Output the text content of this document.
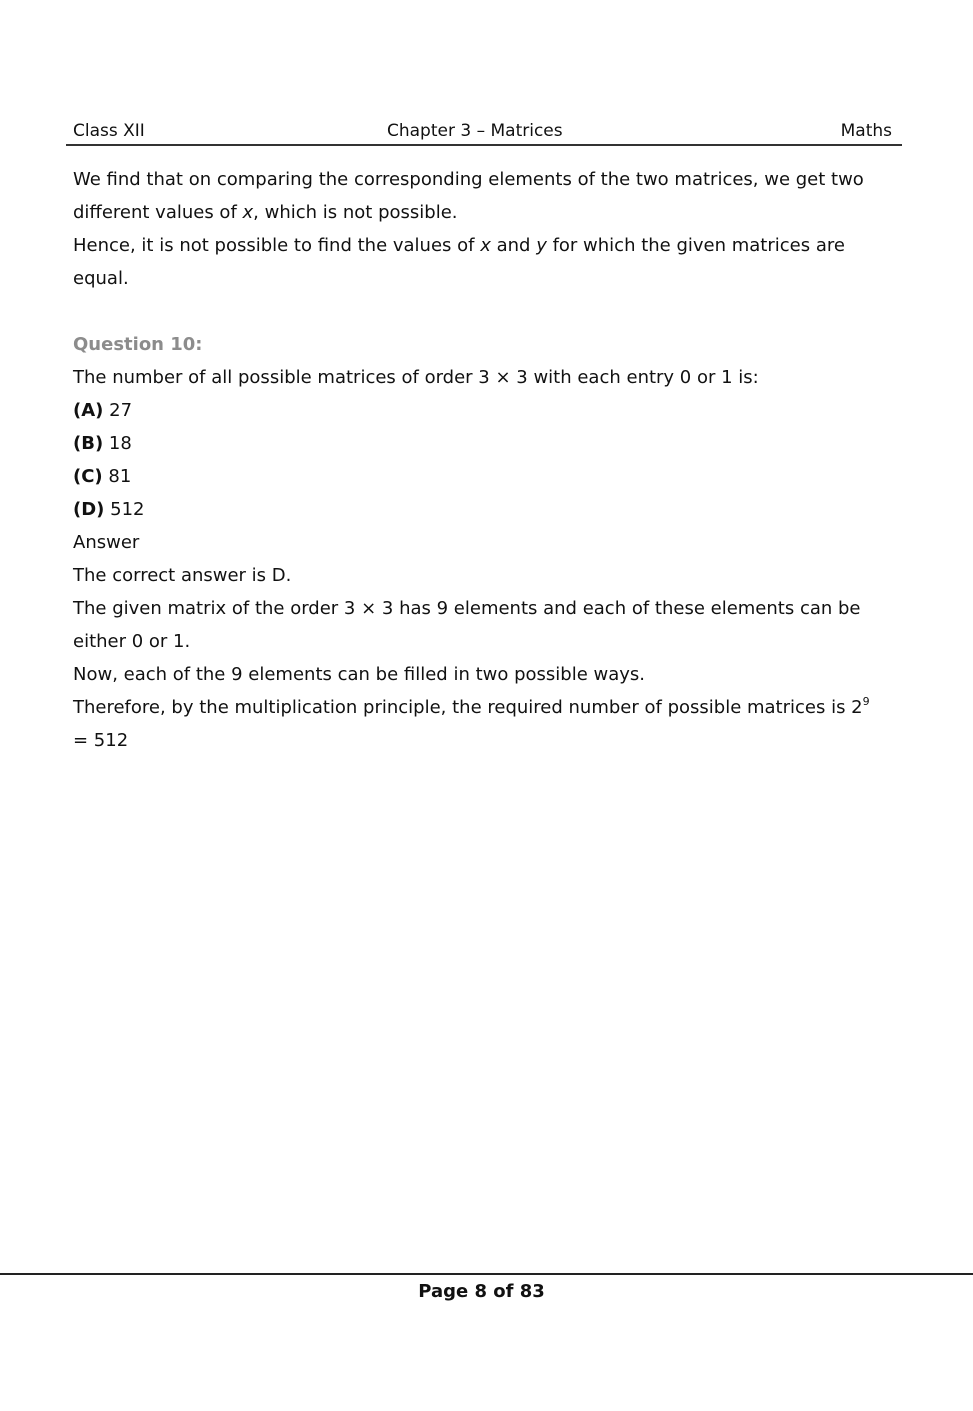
Class XII	Chapter 3 – Matrices	Maths

We find that on comparing the corresponding elements of the two matrices, we get two

different values of x, which is not possible.

Hence, it is not possible to find the values of x and y for which the given matrices are

equal.

Question 10:

The number of all possible matrices of order 3 × 3 with each entry 0 or 1 is:

(A) 27

(B) 18

(C) 81

(D) 512

Answer

The correct answer is D.

The given matrix of the order 3 × 3 has 9 elements and each of these elements can be

either 0 or 1.

Now, each of the 9 elements can be filled in two possible ways.

Therefore, by the multiplication principle, the required number of possible matrices is $2^9$

= 512

Page 8 of 83
